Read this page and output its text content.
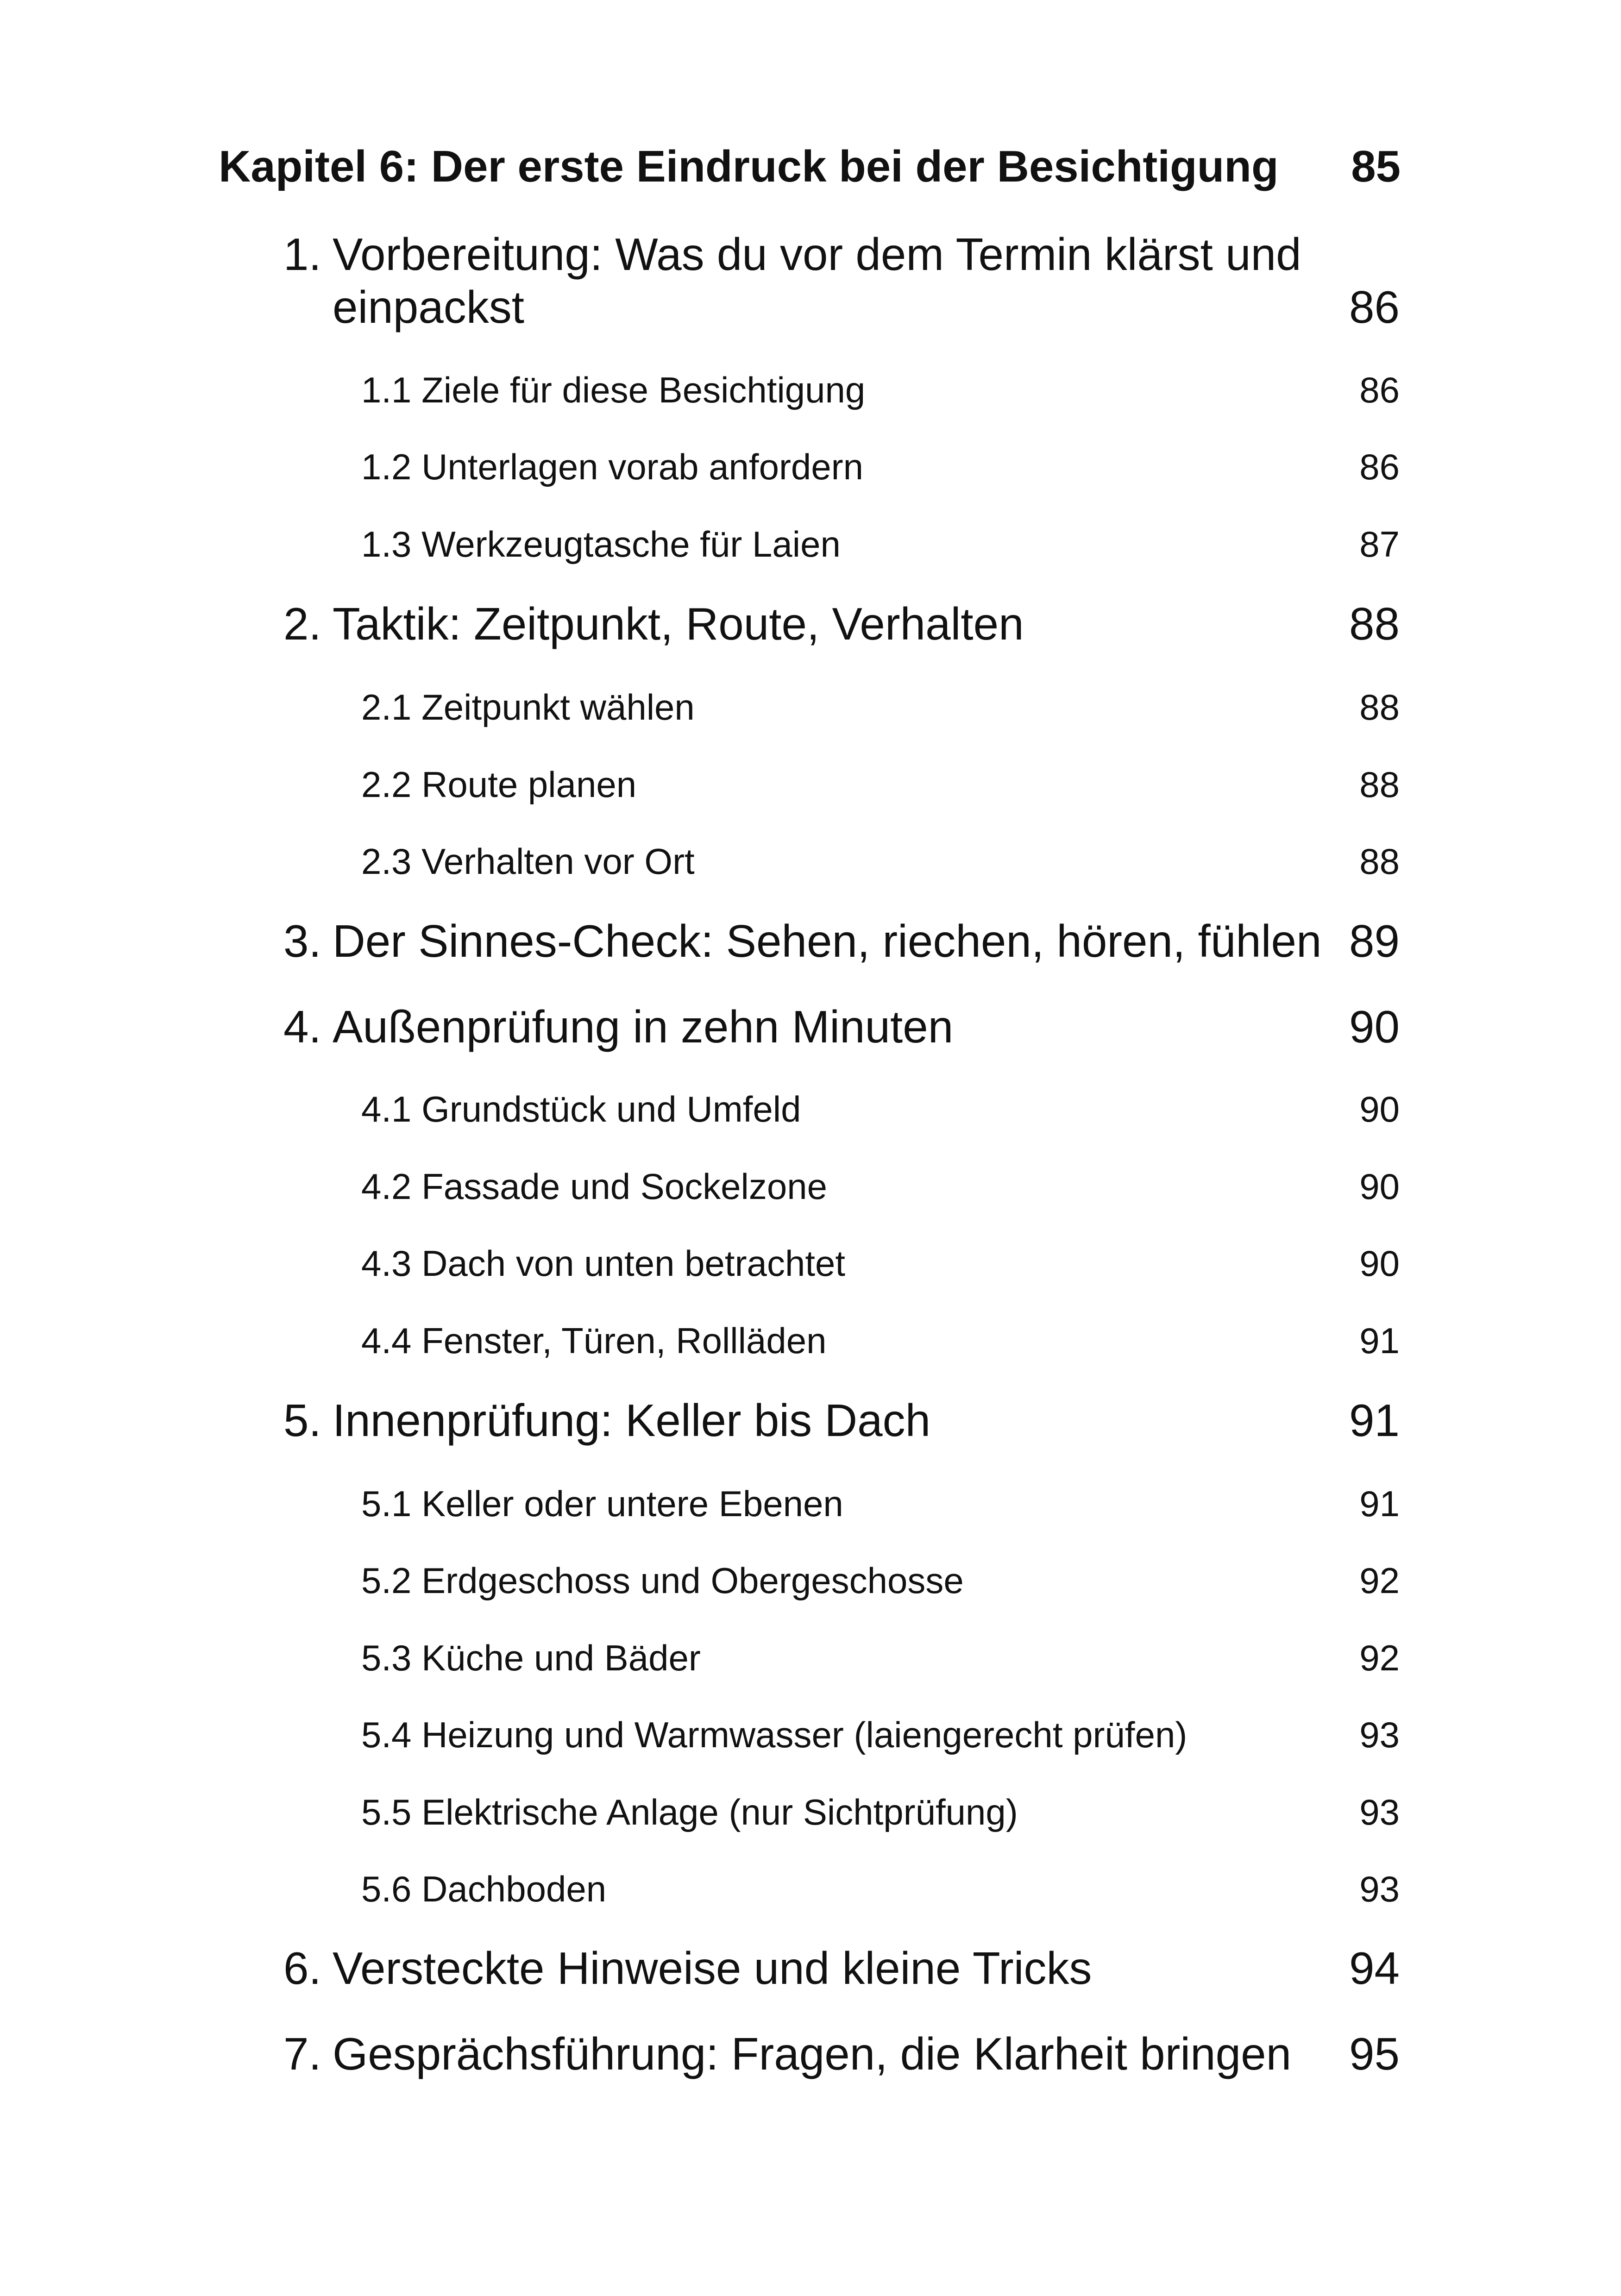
Kapitel 6: Der erste Eindruck bei der Besichtigung 85
1. Vorbereitung: Was du vor dem Termin klärst und einpackst	86
1.1 Ziele für diese Besichtigung	86
1.2 Unterlagen vorab anfordern	86
1.3 Werkzeugtasche für Laien	87
2. Taktik: Zeitpunkt, Route, Verhalten	88
2.1 Zeitpunkt wählen	88
2.2 Route planen	88
2.3 Verhalten vor Ort	88
3. Der Sinnes-Check: Sehen, riechen, hören, fühlen 89
4. Außenprüfung in zehn Minuten	90
4.1 Grundstück und Umfeld	90
4.2 Fassade und Sockelzone	90
4.3 Dach von unten betrachtet	90
4.4 Fenster, Türen, Rollläden	91
5. Innenprüfung: Keller bis Dach	91
5.1 Keller oder untere Ebenen	91
5.2 Erdgeschoss und Obergeschosse	92
5.3 Küche und Bäder	92
5.4 Heizung und Warmwasser (laiengerecht prüfen)	93
5.5 Elektrische Anlage (nur Sichtprüfung)	93
5.6 Dachboden	93
6. Versteckte Hinweise und kleine Tricks	94
7. Gesprächsführung: Fragen, die Klarheit bringen 95
